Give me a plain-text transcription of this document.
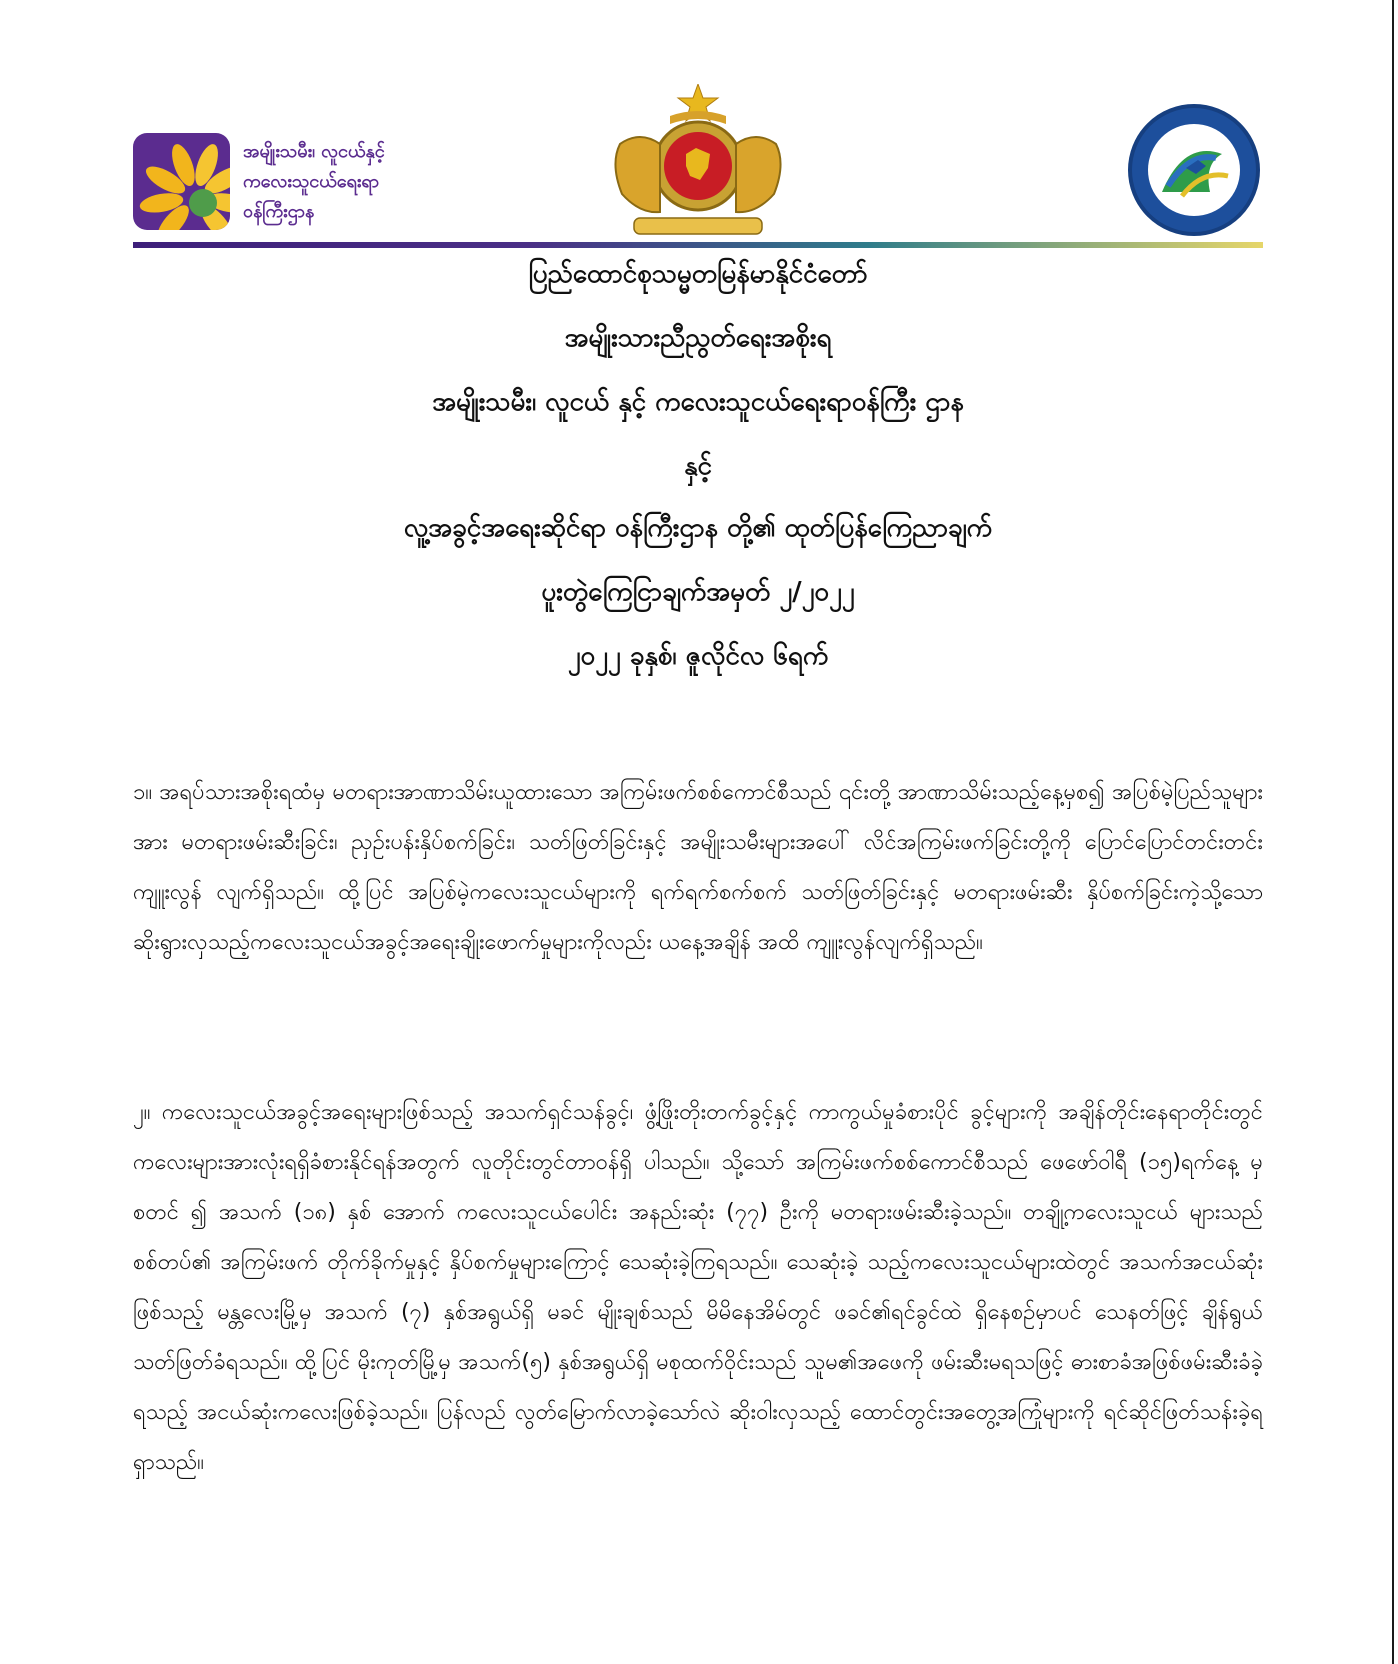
အမျိုးသမီး၊ လူငယ်နှင့်
ကလေးသူငယ်ရေးရာ
ဝန်ကြီးဌာန
ပြည်ထောင်စုသမ္မတမြန်မာနိုင်ငံတော်
အမျိုးသားညီညွတ်ရေးအစိုးရ
အမျိုးသမီး၊ လူငယ် နှင့် ကလေးသူငယ်ရေးရာဝန်ကြီး ဌာန
နှင့်
လူ့အခွင့်အရေးဆိုင်ရာ ဝန်ကြီးဌာန တို့၏ ထုတ်ပြန်ကြေညာချက်
ပူးတွဲကြေငြာချက်အမှတ် ၂/၂၀၂၂
၂၀၂၂ ခုနှစ်၊ ဇူလိုင်လ ၆ရက်

၁။ အရပ်သားအစိုးရထံမှ မတရားအာဏာသိမ်းယူထားသော အကြမ်းဖက်စစ်ကောင်စီသည် ၎င်းတို့ အာဏာသိမ်းသည့်နေ့မှစ၍ အပြစ်မဲ့ပြည်သူများအား မတရားဖမ်းဆီးခြင်း၊ ညှဉ်းပန်းနှိပ်စက်ခြင်း၊ သတ်ဖြတ်ခြင်းနှင့် အမျိုးသမီးများအပေါ် လိင်အကြမ်းဖက်ခြင်းတို့ကို ပြောင်ပြောင်တင်းတင်း ကျူးလွန် လျက်ရှိသည်။ ထို့ပြင် အပြစ်မဲ့ကလေးသူငယ်များကို ရက်ရက်စက်စက် သတ်ဖြတ်ခြင်းနှင့် မတရားဖမ်းဆီး နှိပ်စက်ခြင်းကဲ့သို့သော ဆိုးရွားလှသည့်ကလေးသူငယ်အခွင့်အရေးချိုးဖောက်မှုများကိုလည်း ယနေ့အချိန် အထိ ကျူးလွန်လျက်ရှိသည်။

၂။ ကလေးသူငယ်အခွင့်အရေးများဖြစ်သည့် အသက်ရှင်သန်ခွင့်၊ ဖွံ့ဖြိုးတိုးတက်ခွင့်နှင့် ကာကွယ်မှုခံစားပိုင် ခွင့်များကို အချိန်တိုင်းနေရာတိုင်းတွင် ကလေးများအားလုံးရရှိခံစားနိုင်ရန်အတွက် လူတိုင်းတွင်တာဝန်ရှိ ပါသည်။ သို့သော် အကြမ်းဖက်စစ်ကောင်စီသည် ဖေဖော်ဝါရီ (၁၅)ရက်နေ့ မှ စတင် ၍ အသက် (၁၈) နှစ် အောက် ကလေးသူငယ်ပေါင်း အနည်းဆုံး (၇၇) ဦးကို မတရားဖမ်းဆီးခဲ့သည်။ တချို့ကလေးသူငယ် များသည် စစ်တပ်၏ အကြမ်းဖက် တိုက်ခိုက်မှုနှင့် နှိပ်စက်မှုများကြောင့် သေဆုံးခဲ့ကြရသည်။ သေဆုံးခဲ့ သည့်ကလေးသူငယ်များထဲတွင် အသက်အငယ်ဆုံးဖြစ်သည့် မန္တလေးမြို့မှ အသက် (၇) နှစ်အရွယ်ရှိ မခင် မျိုးချစ်သည် မိမိနေအိမ်တွင် ဖခင်၏ရင်ခွင်ထဲ ရှိနေစဉ်မှာပင် သေနတ်ဖြင့် ချိန်ရွယ် သတ်ဖြတ်ခံရသည်။ ထို့ပြင် မိုးကုတ်မြို့မှ အသက်(၅) နှစ်အရွယ်ရှိ မစုထက်ဝိုင်းသည် သူမ၏အဖေကို ဖမ်းဆီးမရသဖြင့် ဓားစာခံအဖြစ်ဖမ်းဆီးခံခဲ့ရသည့် အငယ်ဆုံးကလေးဖြစ်ခဲ့သည်။ ပြန်လည် လွတ်မြောက်လာခဲ့သော်လဲ ဆိုးဝါးလှသည့် ထောင်တွင်းအတွေ့အကြုံများကို ရင်ဆိုင်ဖြတ်သန်းခဲ့ရရှာသည်။
